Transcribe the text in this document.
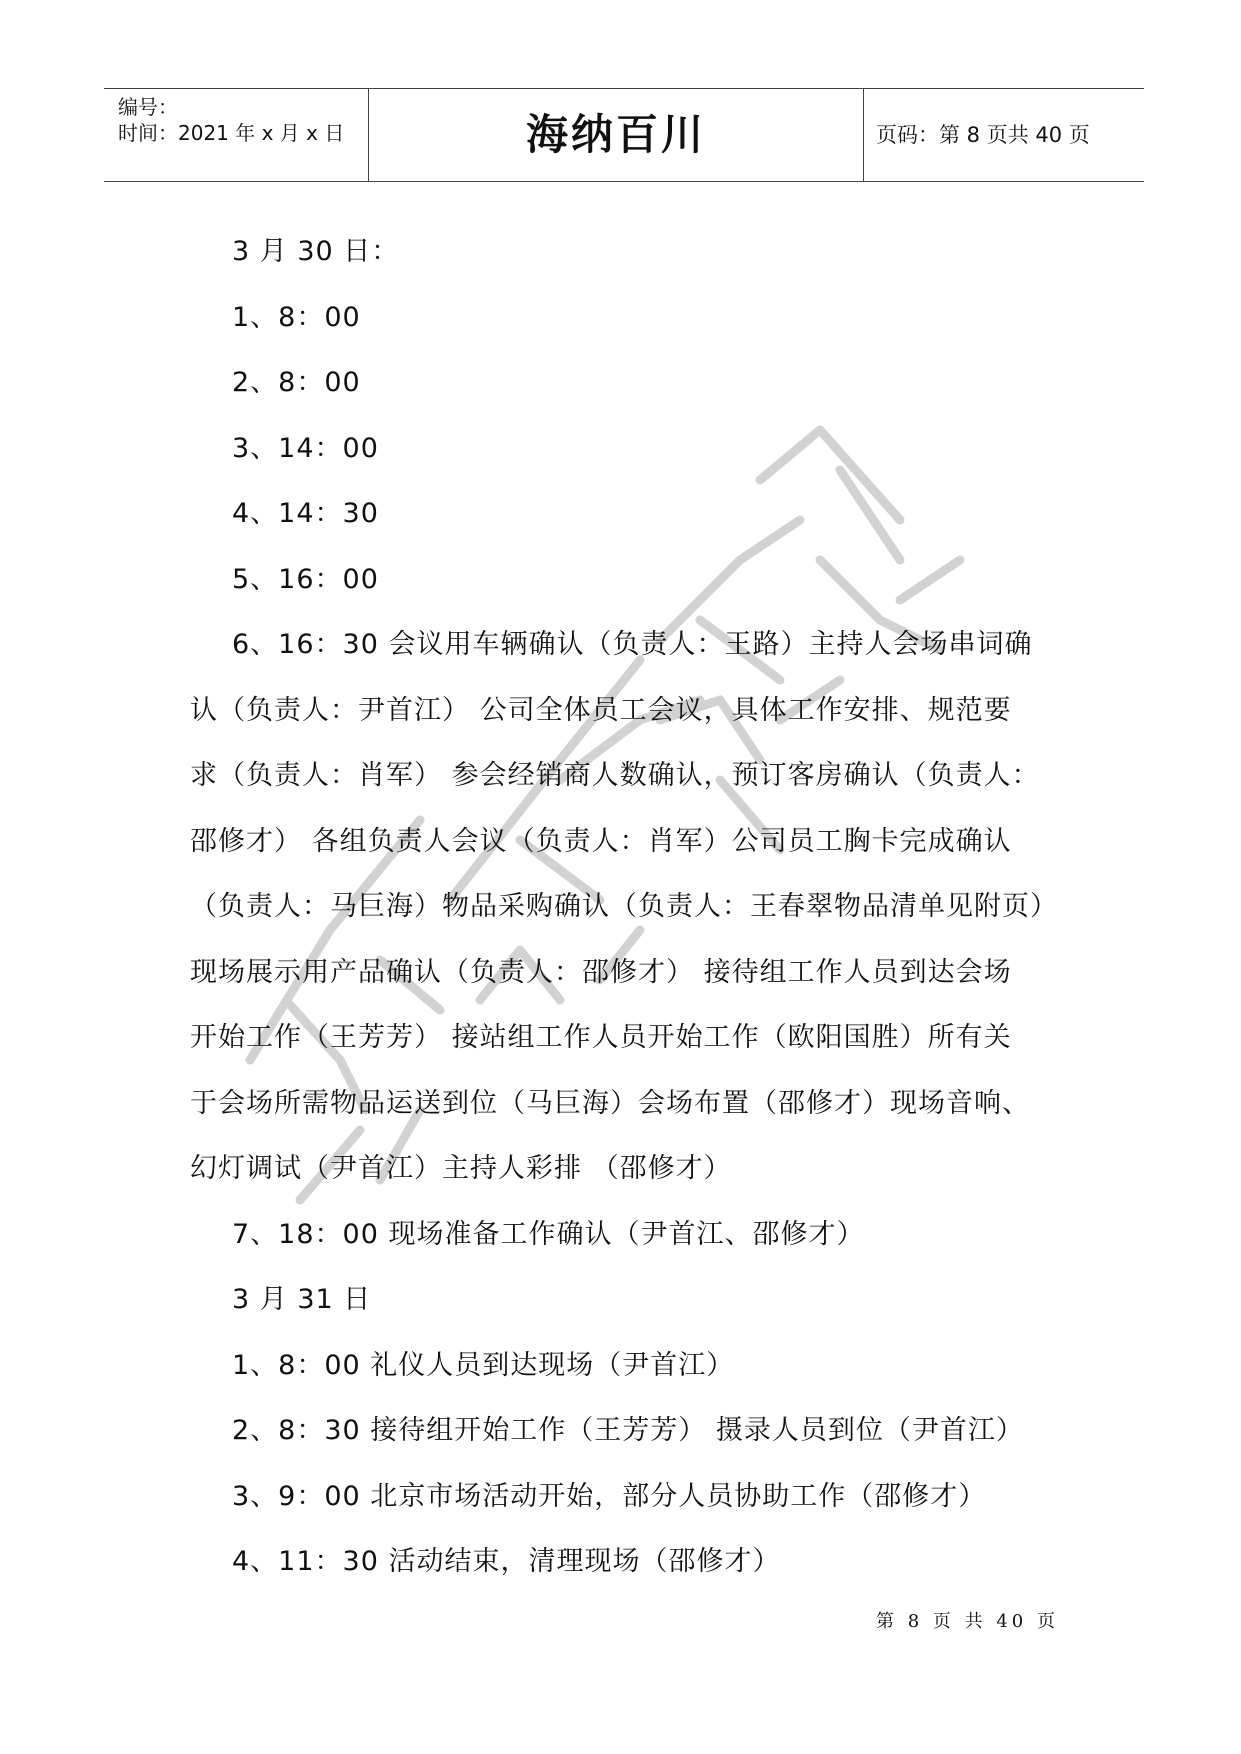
编号：
时间：2021 年 x 月 x 日	海纳百川	页码：第 8 页共 40 页
3 月 30 日：
1、8：00
2、8：00
3、14：00
4、14：30
5、16：00
6、16：30 会议用车辆确认（负责人：王路）主持人会场串词确
认（负责人：尹首江） 公司全体员工会议，具体工作安排、规范要
求（负责人：肖军） 参会经销商人数确认，预订客房确认（负责人：
邵修才） 各组负责人会议（负责人：肖军）公司员工胸卡完成确认
（负责人：马巨海）物品采购确认（负责人：王春翠物品清单见附页）
现场展示用产品确认（负责人：邵修才） 接待组工作人员到达会场
开始工作（王芳芳） 接站组工作人员开始工作（欧阳国胜）所有关
于会场所需物品运送到位（马巨海）会场布置（邵修才）现场音响、
幻灯调试（尹首江）主持人彩排 （邵修才）
7、18：00 现场准备工作确认（尹首江、邵修才）
3 月 31 日
1、8：00 礼仪人员到达现场（尹首江）
2、8：30 接待组开始工作（王芳芳） 摄录人员到位（尹首江）
3、9：00 北京市场活动开始，部分人员协助工作（邵修才）
4、11：30 活动结束，清理现场（邵修才）
第 8 页 共 40 页
